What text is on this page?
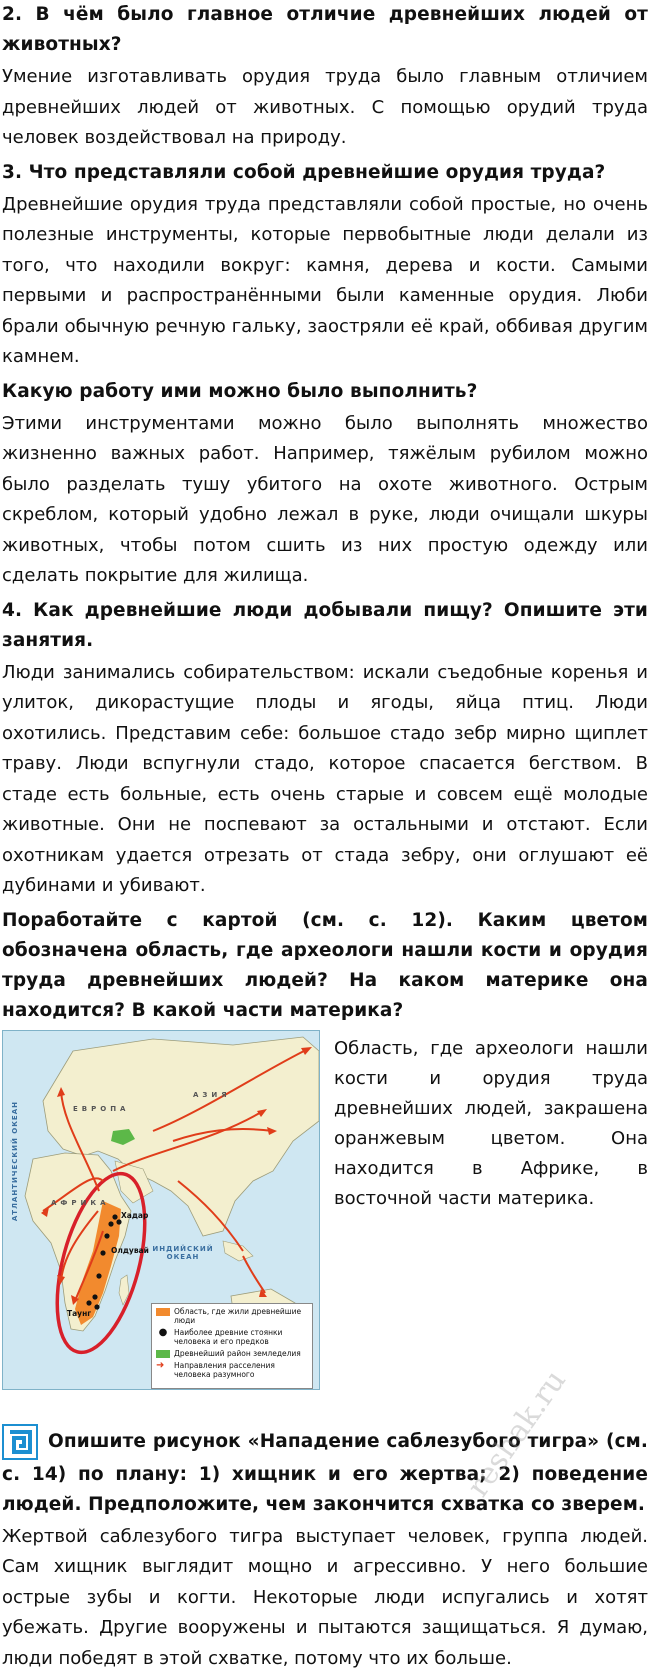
2. В чём было главное отличие древнейших людей от животных?

Умение изготавливать орудия труда было главным отличием древнейших людей от животных. С помощью орудий труда человек воздействовал на природу.

3. Что представляли собой древнейшие орудия труда?

Древнейшие орудия труда представляли собой простые, но очень полезные инструменты, которые первобытные люди делали из того, что находили вокруг: камня, дерева и кости. Самыми первыми и распространёнными были каменные орудия. Люби брали обычную речную гальку, заостряли её край, оббивая другим камнем.

Какую работу ими можно было выполнить?

Этими инструментами можно было выполнять множество жизненно важных работ. Например, тяжёлым рубилом можно было разделать тушу убитого на охоте животного. Острым скреблом, который удобно лежал в руке, люди очищали шкуры животных, чтобы потом сшить из них простую одежду или сделать покрытие для жилища.

4. Как древнейшие люди добывали пищу? Опишите эти занятия.

Люди занимались собирательством: искали съедобные коренья и улиток, дикорастущие плоды и ягоды, яйца птиц. Люди охотились. Представим себе: большое стадо зебр мирно щиплет траву. Люди вспугнули стадо, которое спасается бегством. В стаде есть больные, есть очень старые и совсем ещё молодые животные. Они не поспевают за остальными и отстают. Если охотникам удается отрезать от стада зебру, они оглушают её дубинами и убивают.

Поработайте с картой (см. с. 12). Каким цветом обозначена область, где археологи нашли кости и орудия труда древнейших людей? На каком материке она находится? В какой части материка?
АТЛАНТИЧЕСКИЙ ОКЕАН
ИНДИЙСКИЙ ОКЕАН
АФРИКА
ЕВРОПА
АЗИЯ
Хадар
Олдувай
Таунг	Область, где жили древнейшие люди
● Наиболее древние стоянки человека и его предков
Древнейший район земледелия
➜	Направления расселения человека разумного

Область, где археологи нашли кости и орудия труда древнейших людей, закрашена оранжевым цветом. Она находится в Африке, в восточной части материка.

Опишите рисунок «Нападение саблезубого тигра» (см. с. 14) по плану: 1) хищник и его жертва; 2) поведение людей. Предположите, чем закончится схватка со зверем.

Жертвой саблезубого тигра выступает человек, группа людей. Сам хищник выглядит мощно и агрессивно. У него большие острые зубы и когти. Некоторые люди испугались и хотят убежать. Другие вооружены и пытаются защищаться. Я думаю, люди победят в этой схватке, потому что их больше.

reshak.ru
